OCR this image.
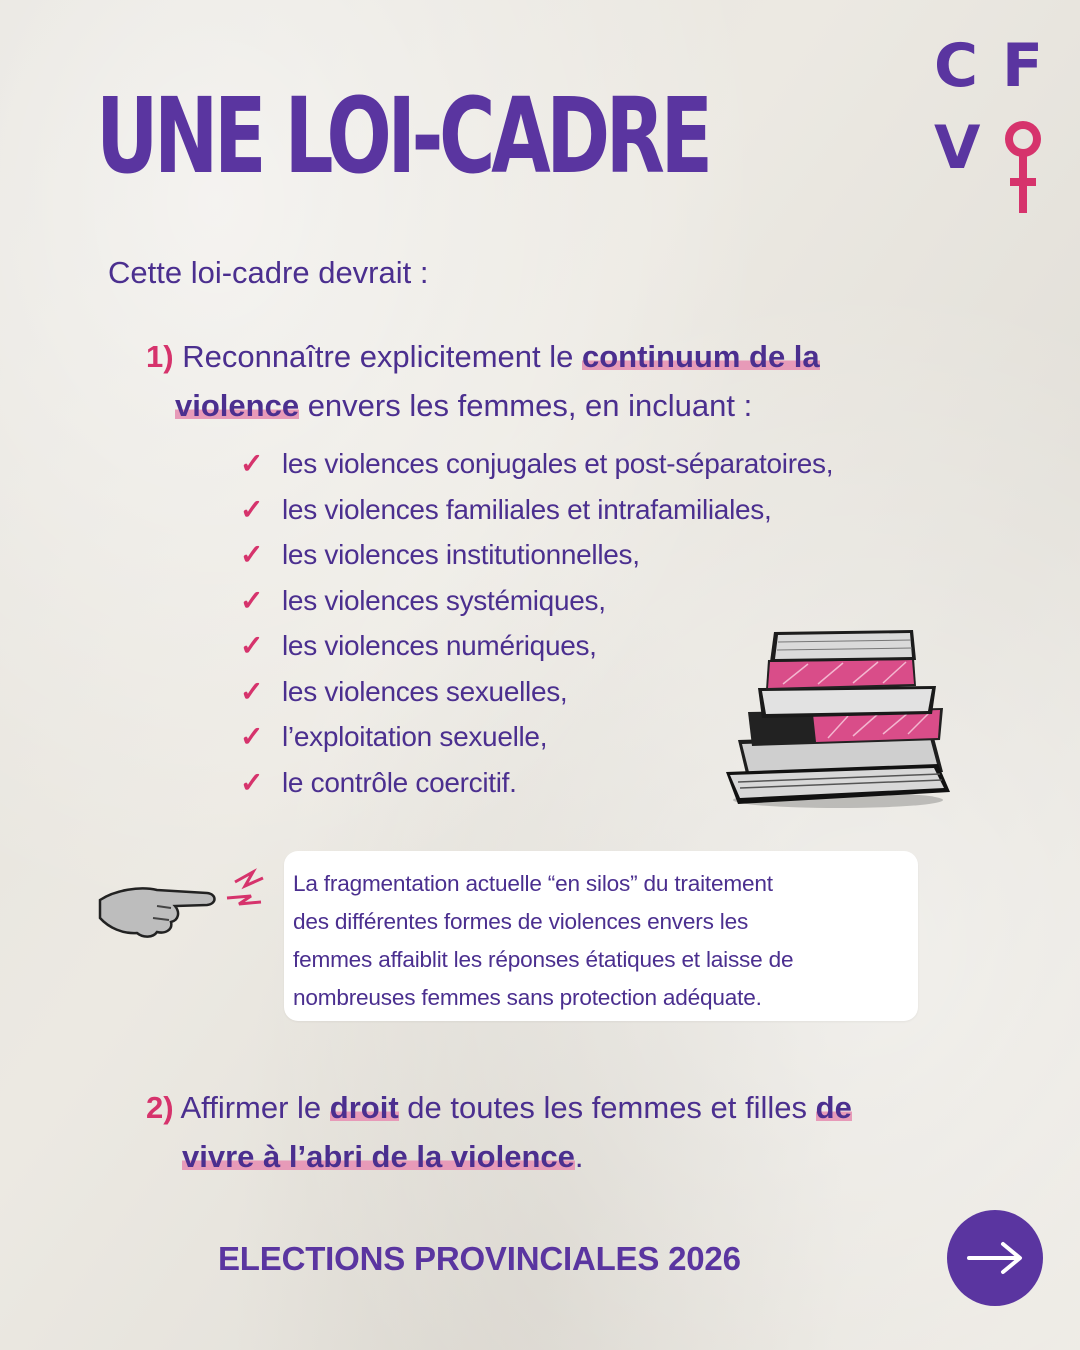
UNE LOI-CADRE
C F
V
Cette loi-cadre devrait :
1) Reconnaître explicitement le continuum de la
violence envers les femmes, en incluant :
✓ les violences conjugales et post-séparatoires,
✓ les violences familiales et intrafamiliales,
✓ les violences institutionnelles,
✓ les violences systémiques,
✓ les violences numériques,
✓ les violences sexuelles,
✓ l’exploitation sexuelle,
✓ le contrôle coercitif.

La fragmentation actuelle “en silos” du traitement

des différentes formes de violences envers les

femmes affaiblit les réponses étatiques et laisse de

nombreuses femmes sans protection adéquate.

2) Affirmer le droit de toutes les femmes et filles de
vivre à l’abri de la violence.
ELECTIONS PROVINCIALES 2026
